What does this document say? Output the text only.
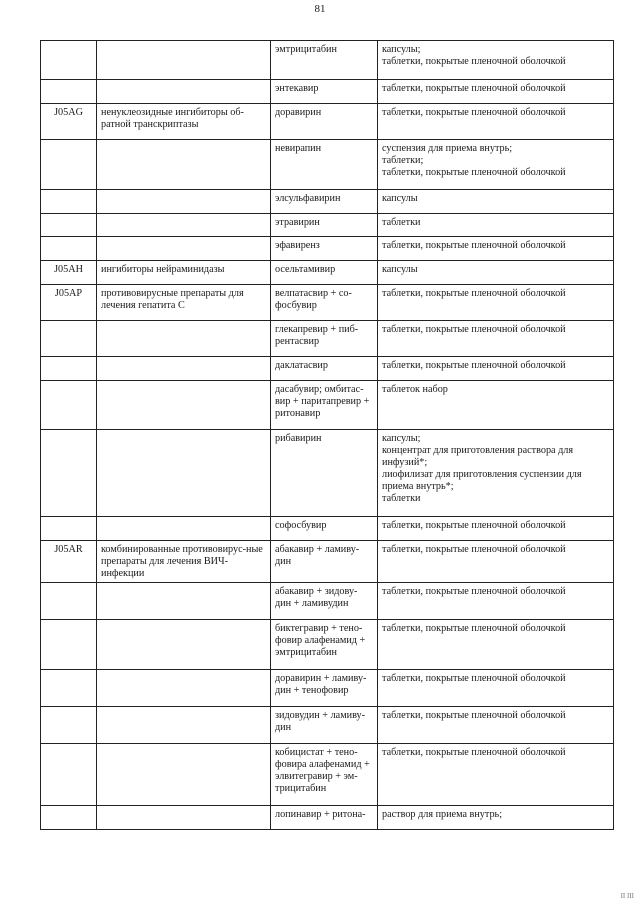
81
		эмтрицитабин	капсулы;
таблетки, покрытые пленочной оболочкой
		энтекавир	таблетки, покрытые пленочной оболочкой
J05AG	ненуклеозидные ингибиторы об-ратной транскриптазы	доравирин	таблетки, покрытые пленочной оболочкой
		невирапин	суспензия для приема внутрь;
таблетки;
таблетки, покрытые пленочной оболочкой
		элсульфавирин	капсулы
		этравирин	таблетки
		эфавиренз	таблетки, покрытые пленочной оболочкой
J05AH	ингибиторы нейраминидазы	осельтамивир	капсулы
J05AP	противовирусные препараты для лечения гепатита C	велпатасвир + со-фосбувир	таблетки, покрытые пленочной оболочкой
		глекапревир + пиб-рентасвир	таблетки, покрытые пленочной оболочкой
		даклатасвир	таблетки, покрытые пленочной оболочкой
		дасабувир; омбитас-вир + паритапревир + ритонавир	таблеток набор
		рибавирин	капсулы;
концентрат для приготовления раствора для инфузий*;
лиофилизат для приготовления суспензии для приема внутрь*;
таблетки
		софосбувир	таблетки, покрытые пленочной оболочкой
J05AR	комбинированные противовирус-ные препараты для лечения ВИЧ-инфекции	абакавир + ламиву-дин	таблетки, покрытые пленочной оболочкой
		абакавир + зидову-дин + ламивудин	таблетки, покрытые пленочной оболочкой
		биктегравир + тено-фовир алафенамид + эмтрицитабин	таблетки, покрытые пленочной оболочкой
		доравирин + ламиву-дин + тенофовир	таблетки, покрытые пленочной оболочкой
		зидовудин + ламиву-дин	таблетки, покрытые пленочной оболочкой
		кобицистат + тено-фовира алафенамид + элвитегравир + эм-трицитабин	таблетки, покрытые пленочной оболочкой
		лопинавир + ритона-	раствор для приема внутрь;
II III
